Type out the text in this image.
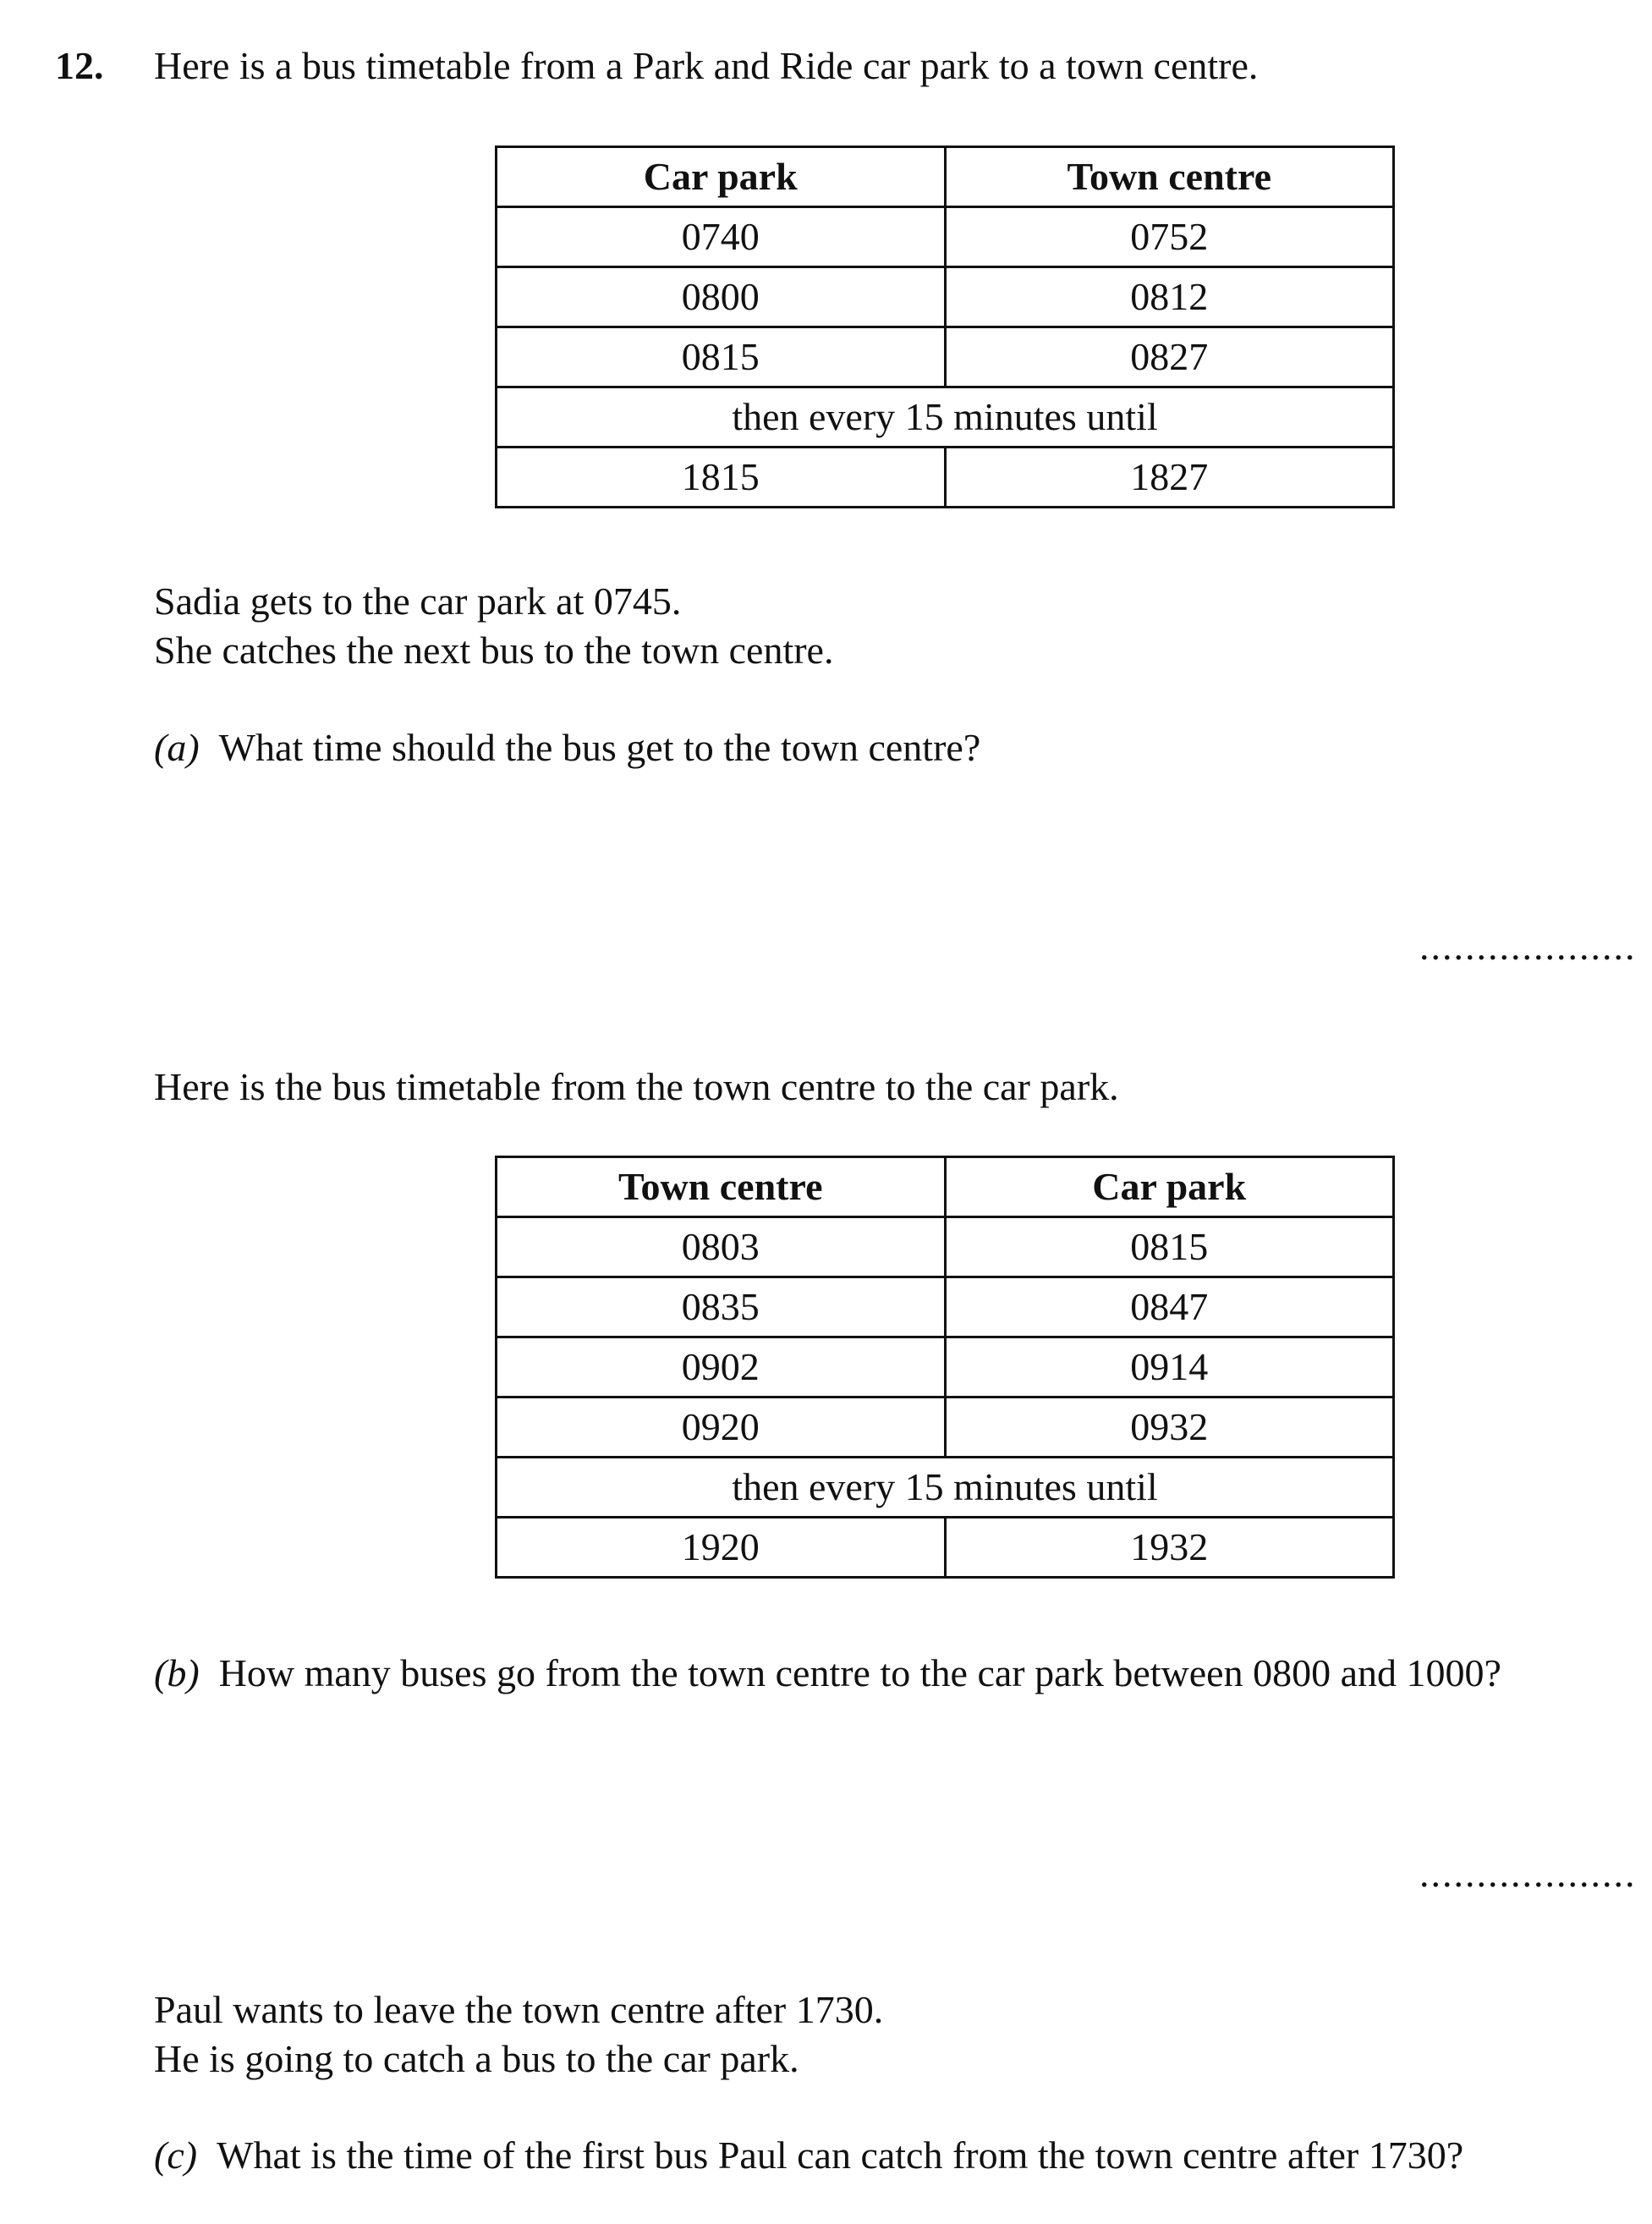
12. Here is a bus timetable from a Park and Ride car park to a town centre.
Car park	Town centre
0740	0752
0800	0812
0815	0827
then every 15 minutes until	
1815	1827
Sadia gets to the car park at 0745.
She catches the next bus to the town centre.
(a) What time should the bus get to the town centre?
...................
Here is the bus timetable from the town centre to the car park.
Town centre	Car park
0803	0815
0835	0847
0902	0914
0920	0932
then every 15 minutes until	
1920	1932
(b) How many buses go from the town centre to the car park between 0800 and 1000?
...................
Paul wants to leave the town centre after 1730.
He is going to catch a bus to the car park.
(c) What is the time of the first bus Paul can catch from the town centre after 1730?
